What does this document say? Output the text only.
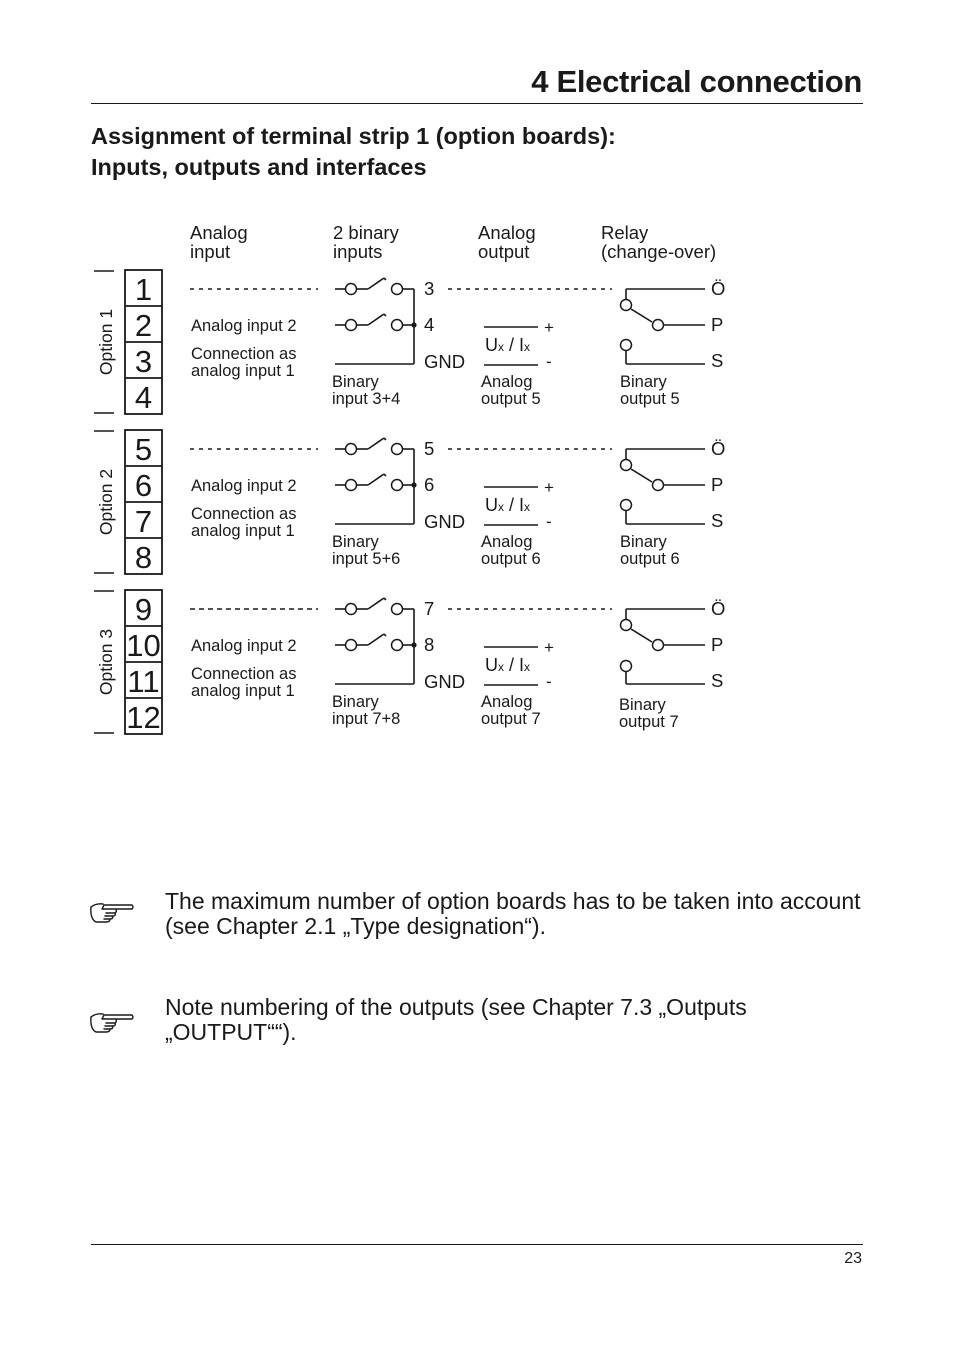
4 Electrical connection
Assignment of terminal strip 1 (option boards):
Inputs, outputs and interfaces
Analog
input
2 binary
inputs
Analog
output
Relay
(change-over)
Option 1
1
2
3
4
Analog input 2
Connection as
analog input 1
3
4
GND
Binary
input 3+4
Ux / Ix
+
-
Analog
output 5
Ö
P
S
Binary
output 5
Option 2
5
6
7
8
Analog input 2
Connection as
analog input 1
5
6
GND
Binary
input 5+6
Ux / Ix
+
-
Analog
output 6
Ö
P
S
Binary
output 6
Option 3
9
10
11
12
Analog input 2
Connection as
analog input 1
7
8
GND
Binary
input 7+8
Ux / Ix
+
-
Analog
output 7
Ö
P
S
Binary
output 7

The maximum number of option boards has to be taken into account (see Chapter 2.1 „Type designation“).

Note numbering of the outputs (see Chapter 7.3 „Outputs „OUTPUT““).

23
